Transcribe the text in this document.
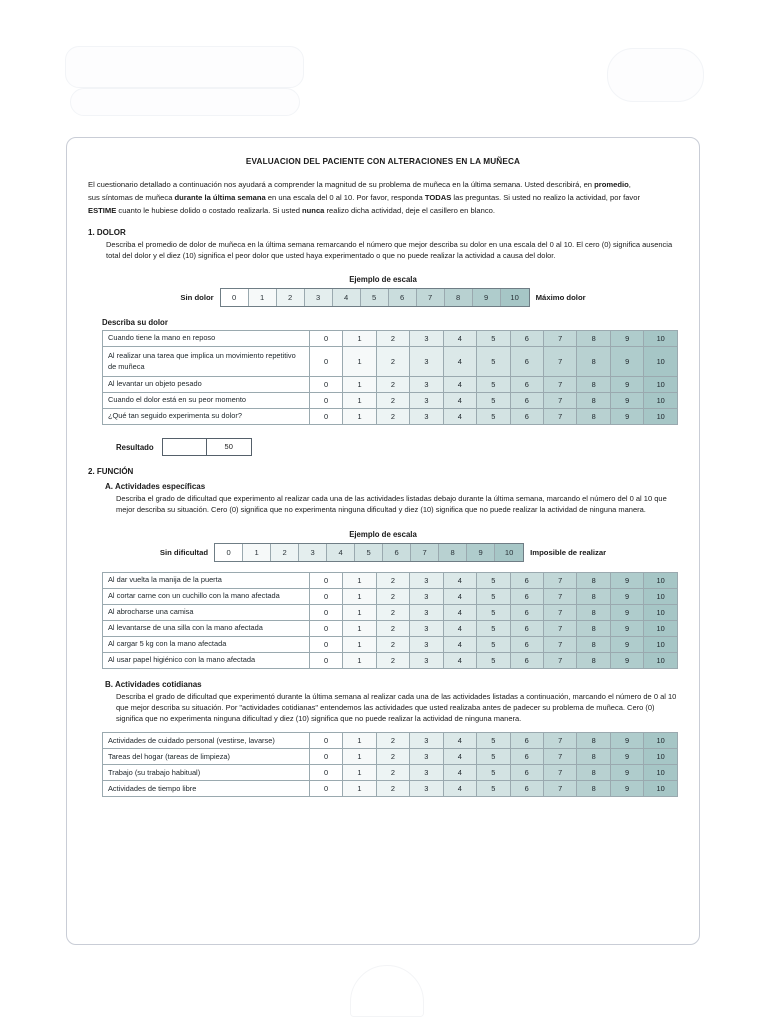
EVALUACION DEL PACIENTE CON ALTERACIONES EN LA MUÑECA

El cuestionario detallado a continuación nos ayudará a comprender la magnitud de su problema de muñeca en la última semana. Usted describirá, en promedio,

sus síntomas de muñeca durante la última semana en una escala del 0 al 10. Por favor, responda TODAS las preguntas. Si usted no realizo la actividad, por favor

ESTIME cuanto le hubiese dolido o costado realizarla. Si usted nunca realizo dicha actividad, deje el casillero en blanco.

1. DOLOR
Describa el promedio de dolor de muñeca en la última semana remarcando el número que mejor describa su dolor en una escala del 0 al 10. El cero (0) significa ausencia total del dolor y el diez (10) significa el peor dolor que usted haya experimentado o que no puede realizar la actividad a causa del dolor.
Ejemplo de escala
Sin dolor	0	1	2	3	4	5	6	7	8	9	10	Máximo dolor
Describa su dolor
Cuando tiene la mano en reposo	0	1	2	3	4	5	6	7	8	9	10
Al realizar una tarea que implica un movimiento repetitivo de muñeca	0	1	2	3	4	5	6	7	8	9	10
Al levantar un objeto pesado	0	1	2	3	4	5	6	7	8	9	10
Cuando el dolor está en su peor momento	0	1	2	3	4	5	6	7	8	9	10
¿Qué tan seguido experimenta su dolor?	0	1	2	3	4	5	6	7	8	9	10
Resultado	50
2. FUNCIÓN
A. Actividades específicas
Describa el grado de dificultad que experimento al realizar cada una de las actividades listadas debajo durante la última semana, marcando el número del 0 al 10 que mejor describa su situación. Cero (0) significa que no experimenta ninguna dificultad y diez (10) significa que no puede realizar la actividad de ninguna manera.
Ejemplo de escala
Sin dificultad	0	1	2	3	4	5	6	7	8	9	10	Imposible de realizar
Al dar vuelta la manija de la puerta	0	1	2	3	4	5	6	7	8	9	10
Al cortar carne con un cuchillo con la mano afectada	0	1	2	3	4	5	6	7	8	9	10
Al abrocharse una camisa	0	1	2	3	4	5	6	7	8	9	10
Al levantarse de una silla con la mano afectada	0	1	2	3	4	5	6	7	8	9	10
Al cargar 5 kg con la mano afectada	0	1	2	3	4	5	6	7	8	9	10
Al usar papel higiénico con la mano afectada	0	1	2	3	4	5	6	7	8	9	10
B. Actividades cotidianas
Describa el grado de dificultad que experimentó durante la última semana al realizar cada una de las actividades listadas a continuación, marcando el número de 0 al 10 que mejor describa su situación. Por "actividades cotidianas" entendemos las actividades que usted realizaba antes de padecer su problema de muñeca. Cero (0) significa que no experimenta ninguna dificultad y diez (10) significa que no puede realizar la actividad de ninguna manera.
Actividades de cuidado personal (vestirse, lavarse)	0	1	2	3	4	5	6	7	8	9	10
Tareas del hogar (tareas de limpieza)	0	1	2	3	4	5	6	7	8	9	10
Trabajo (su trabajo habitual)	0	1	2	3	4	5	6	7	8	9	10
Actividades de tiempo libre	0	1	2	3	4	5	6	7	8	9	10
